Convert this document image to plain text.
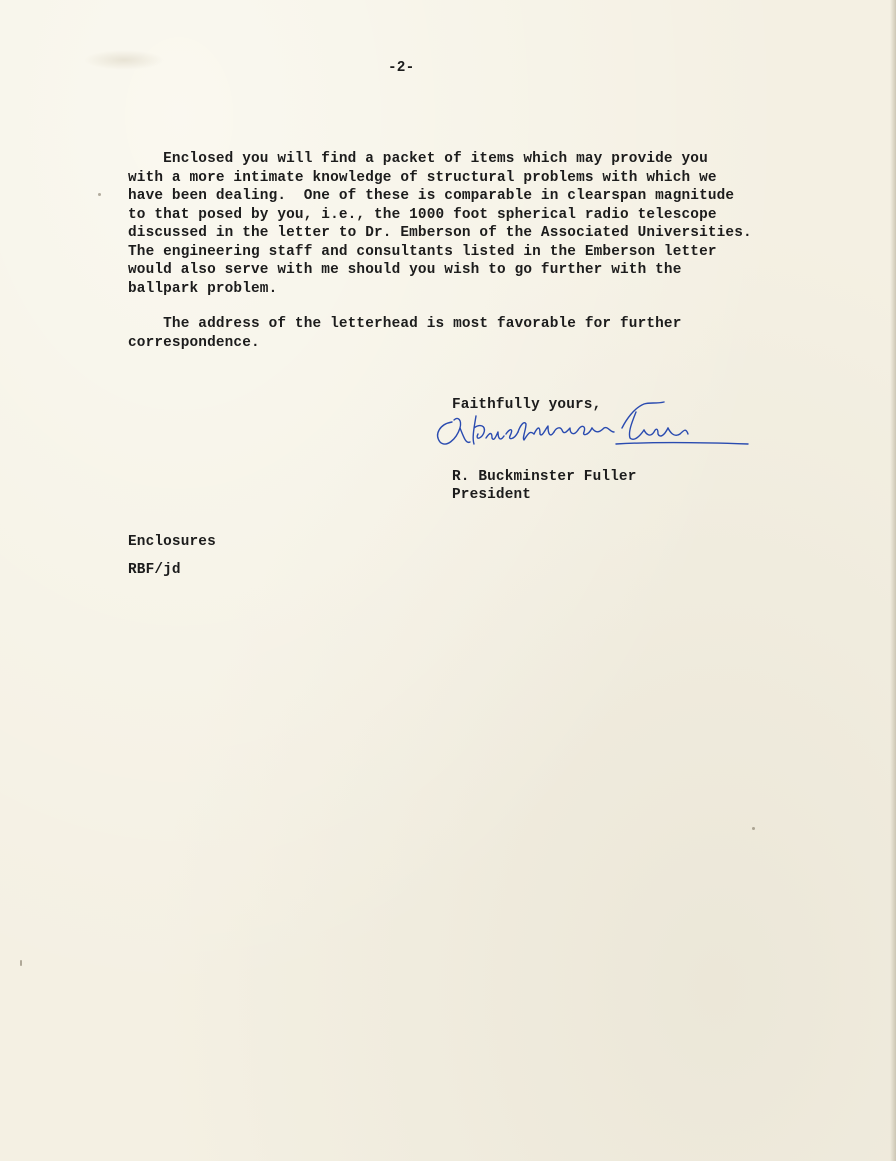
-2-
Enclosed you will find a packet of items which may provide you
with a more intimate knowledge of structural problems with which we
have been dealing.  One of these is comparable in clearspan magnitude
to that posed by you, i.e., the 1000 foot spherical radio telescope
discussed in the letter to Dr. Emberson of the Associated Universities.
The engineering staff and consultants listed in the Emberson letter
would also serve with me should you wish to go further with the
ballpark problem.
The address of the letterhead is most favorable for further
correspondence.
Faithfully yours,
R. Buckminster Fuller
President
Enclosures
RBF/jd
